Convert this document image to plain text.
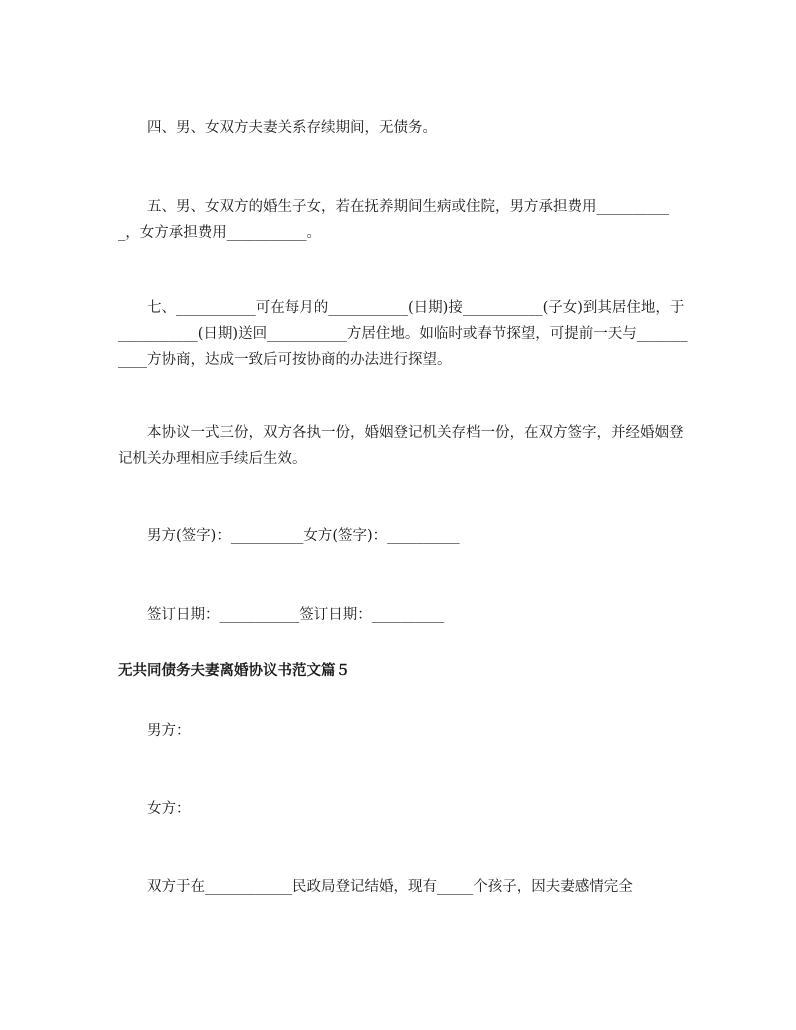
　　四、男、女双方夫妻关系存续期间，无债务。

　　五、男、女双方的婚生子女，若在抚养期间生病或住院，男方承担费用___________，女方承担费用___________。

　　七、___________可在每月的___________(日期)接___________(子女)到其居住地，于___________(日期)送回___________方居住地。如临时或春节探望，可提前一天与___________方协商，达成一致后可按协商的办法进行探望。

　　本协议一式三份，双方各执一份，婚姻登记机关存档一份，在双方签字，并经婚姻登记机关办理相应手续后生效。

　　男方(签字)：__________女方(签字)：__________

　　签订日期：___________签订日期：__________

无共同债务夫妻离婚协议书范文篇５

　　男方：

　　女方：

　　双方于在____________民政局登记结婚，现有_____个孩子，因夫妻感情完全
